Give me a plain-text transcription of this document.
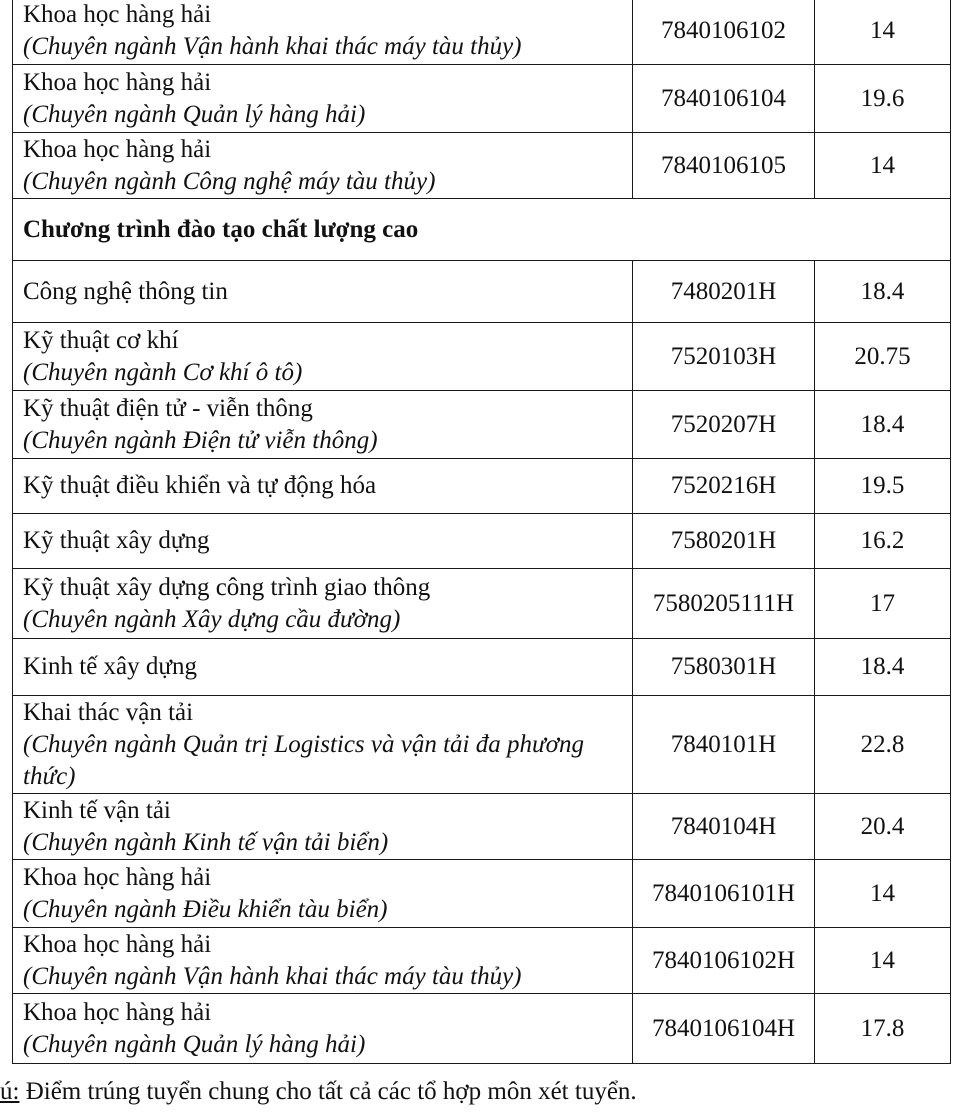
Khoa học hàng hải
(Chuyên ngành Vận hành khai thác máy tàu thủy)	7840106102	14

Khoa học hàng hải
(Chuyên ngành Quản lý hàng hải)	7840106104	19.6

Khoa học hàng hải
(Chuyên ngành Công nghệ máy tàu thủy)	7840106105	14
Chương trình đào tạo chất lượng cao		

Công nghệ thông tin	7480201H	18.4

Kỹ thuật cơ khí
(Chuyên ngành Cơ khí ô tô)	7520103H	20.75

Kỹ thuật điện tử - viễn thông
(Chuyên ngành Điện tử viễn thông)	7520207H	18.4

Kỹ thuật điều khiển và tự động hóa	7520216H	19.5

Kỹ thuật xây dựng	7580201H	16.2

Kỹ thuật xây dựng công trình giao thông
(Chuyên ngành Xây dựng cầu đường)	7580205111H	17

Kinh tế xây dựng	7580301H	18.4

Khai thác vận tải
(Chuyên ngành Quản trị Logistics và vận tải đa phương thức)	7840101H	22.8

Kinh tế vận tải
(Chuyên ngành Kinh tế vận tải biển)	7840104H	20.4

Khoa học hàng hải
(Chuyên ngành Điều khiển tàu biển)	7840106101H	14

Khoa học hàng hải
(Chuyên ngành Vận hành khai thác máy tàu thủy)	7840106102H	14

Khoa học hàng hải
(Chuyên ngành Quản lý hàng hải)	7840106104H	17.8
ú: Điểm trúng tuyển chung cho tất cả các tổ hợp môn xét tuyển.
